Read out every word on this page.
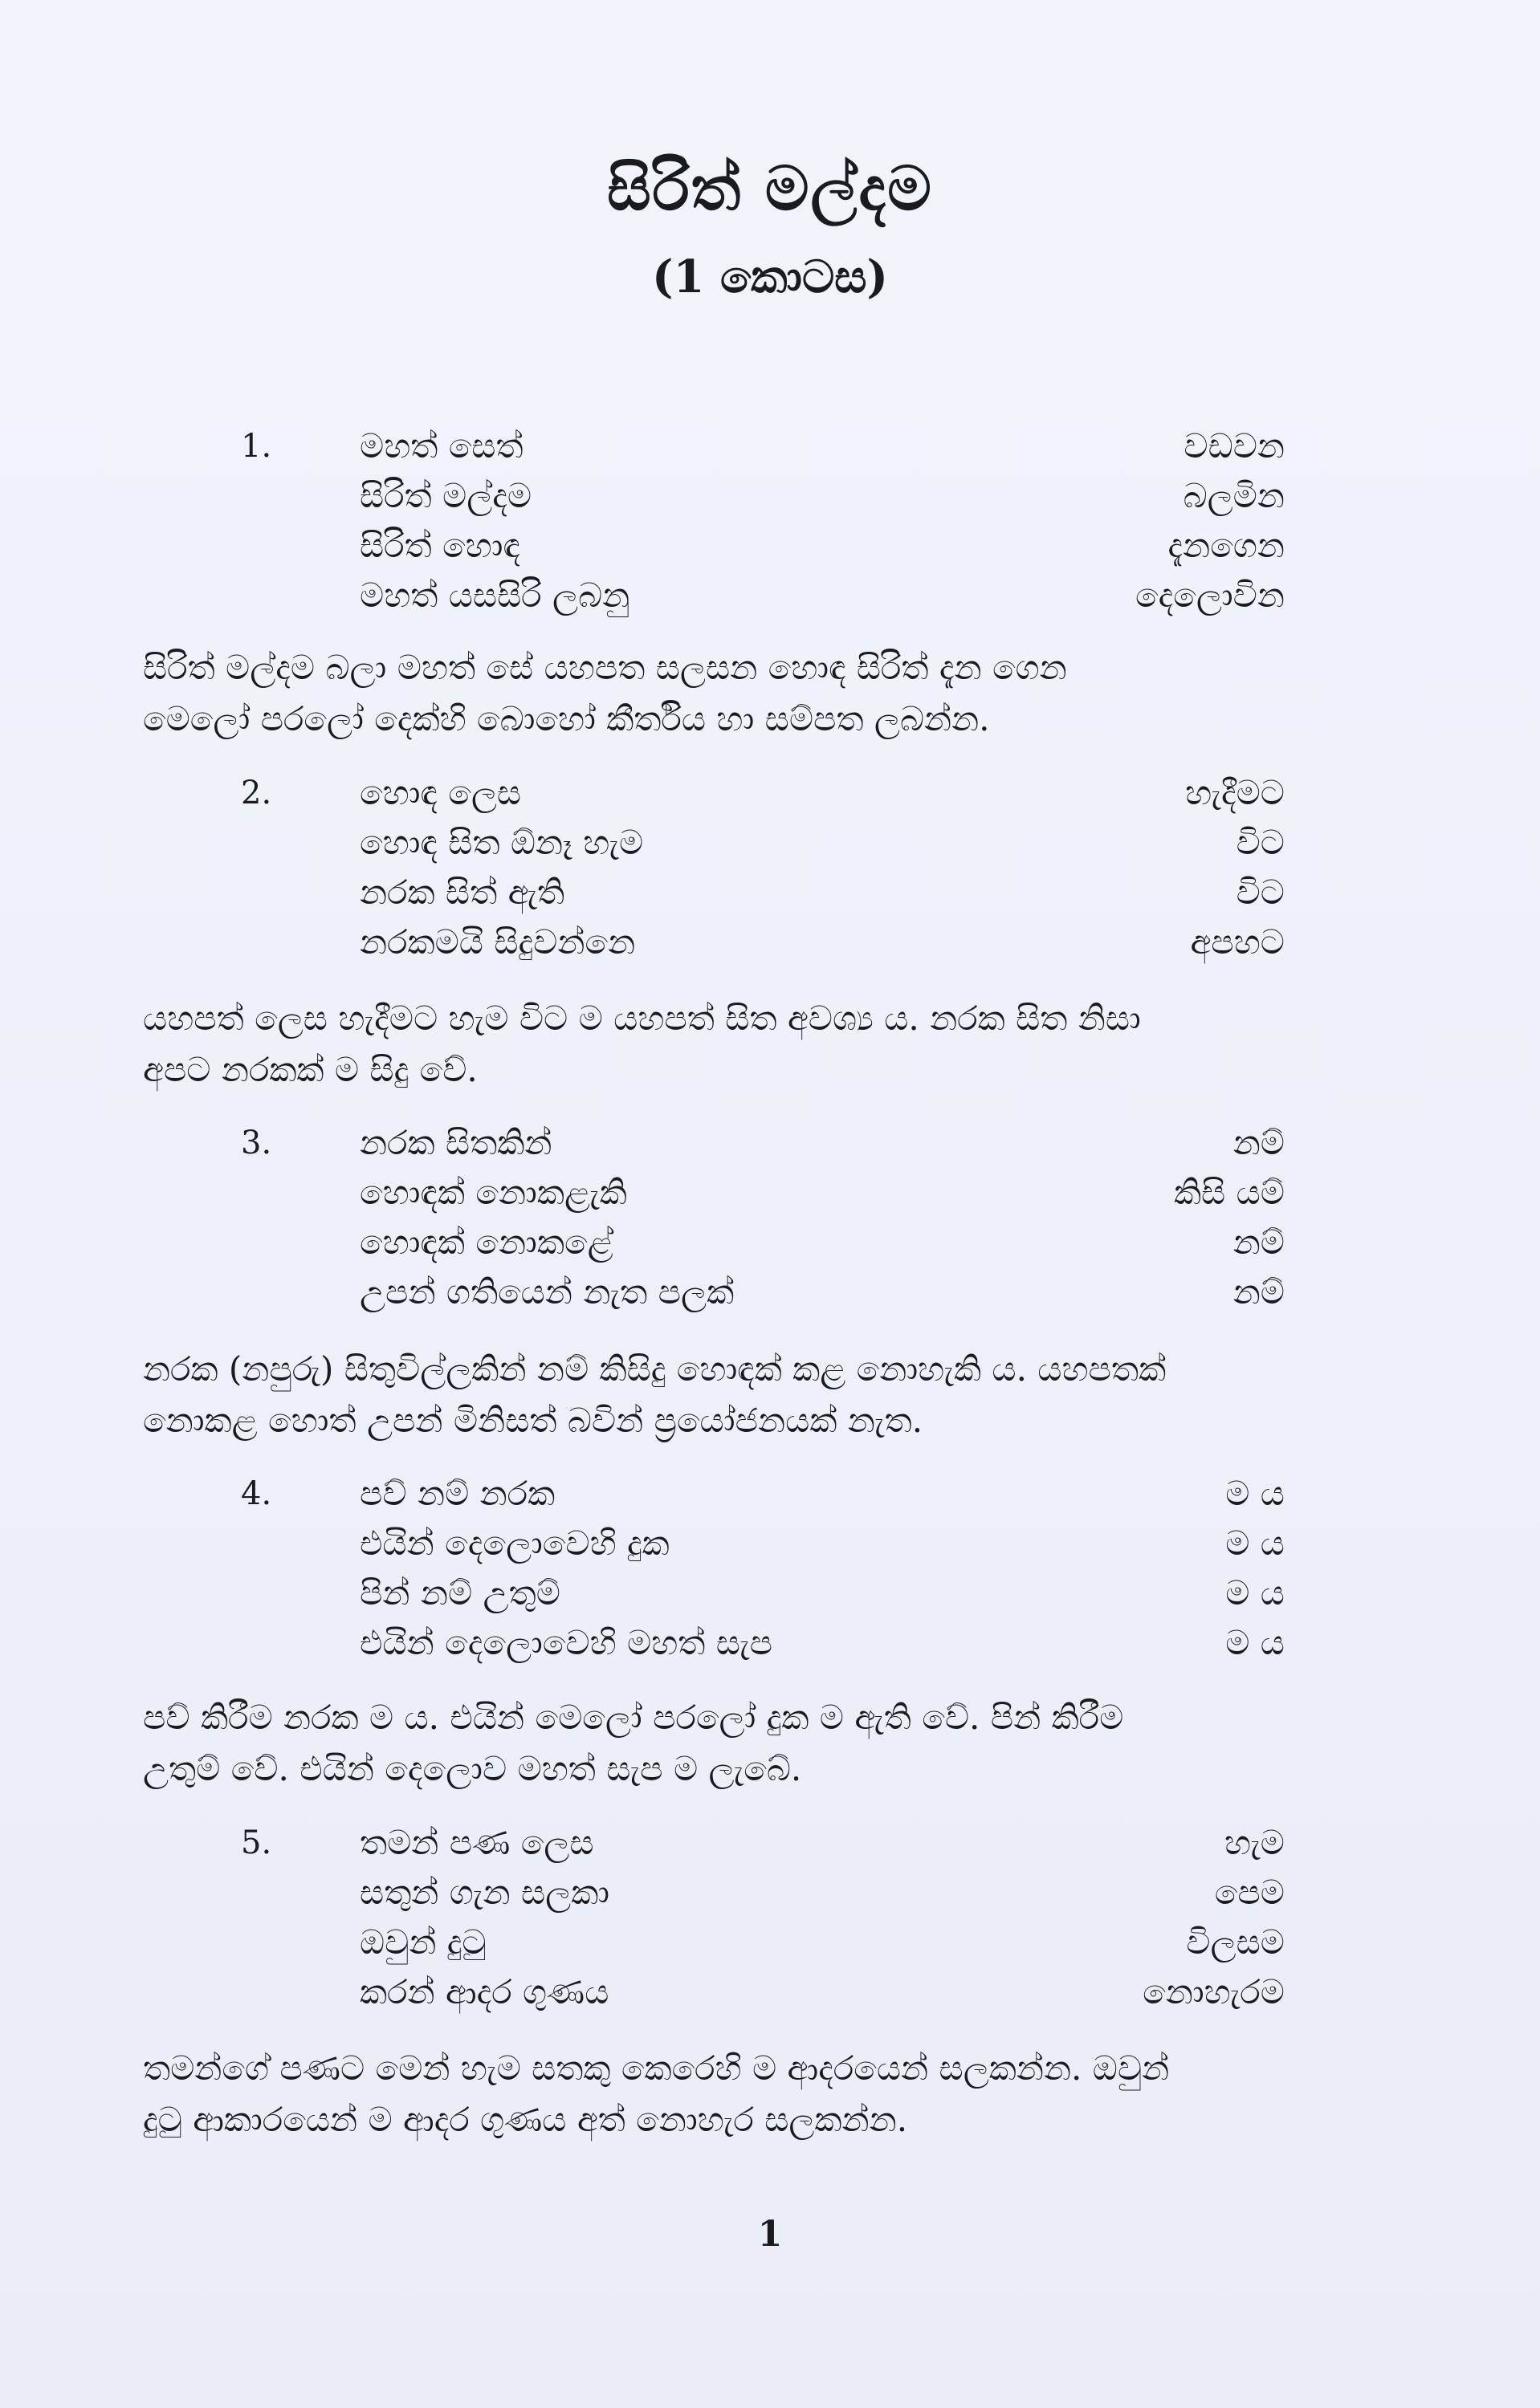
සිරිත් මල්දම
(1 කොටස)
1.	මහත් සෙත්	වඩවන
සිරිත් මල්දම	බලමින
සිරිත් හොඳ	දැනගෙන
මහත් යසසිරි ලබනු	දෙලොවින
සිරිත් මල්දම බලා මහත් සේ යහපත සලසන හොඳ සිරිත් දැන ගෙන
මෙලෝ පරලෝ දෙක්හි බොහෝ කීර්තිය හා සම්පත ලබන්න.
2.	හොඳ ලෙස	හැදීමට
හොඳ සිත ඕනෑ හැම	විට
නරක සිත් ඇති	විට
නරකමයි සිදුවන්නෙ	අපහට
යහපත් ලෙස හැදීමට හැම විට ම යහපත් සිත අවශ්‍ය ය. නරක සිත නිසා
අපට නරකක් ම සිදු වේ.
3.	නරක සිතකින්	නම්
හොඳක් නොකළැකි	කිසි යම්
හොඳක් නොකළේ	නම්
උපන් ගතියෙන් නැත පලක්	නම්
නරක (නපුරු) සිතුවිල්ලකින් නම් කිසිදු හොඳක් කළ නොහැකි ය. යහපතක්
නොකළ හොත් උපන් මිනිසත් බවින් ප්‍රයෝජනයක් නැත.
4.	පව් නම් නරක	ම ය
එයින් දෙලොවෙහි දුක	ම ය
පින් නම් උතුම්	ම ය
එයින් දෙලොවෙහි මහත් සැප	ම ය
පව් කිරීම නරක ම ය. එයින් මෙලෝ පරලෝ දුක ම ඇති වේ. පින් කිරීම
උතුම් වේ. එයින් දෙලොව මහත් සැප ම ලැබේ.
5.	තමන් පණ ලෙස	හැම
සතුන් ගැන සලකා	පෙම
ඔවුන් දුටු	විලසම
කරන් ආදර ගුණය	නොහැරම
තමන්ගේ පණට මෙන් හැම සතකු කෙරෙහි ම ආදරයෙන් සලකන්න. ඔවුන්
දුටු ආකාරයෙන් ම ආදර ගුණය අත් නොහැර සලකන්න.
1
